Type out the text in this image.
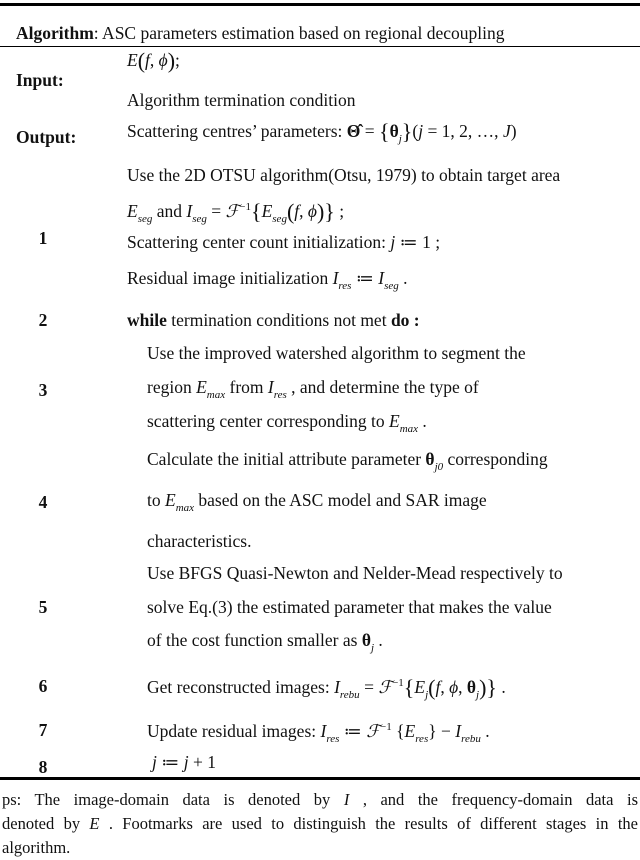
Algorithm: ASC parameters estimation based on regional decoupling
Input:
Output:
1
2
3
4
5
6
7
8
E(f, ϕ);
Algorithm termination condition
Scattering centres’ parameters: Θ̂ = $\{\theta_j\}(j = 1$, 2, …, J)
Use the 2D OTSU algorithm(Otsu, 1979) to obtain target area
$E_{seg}$ and $I_{seg}$ = $ℱ^{-1}\{E_{seg}(f$, ϕ)} ;
Scattering center count initialization: j ≔ 1 ;
Residual image initialization $I_{res}$ ≔ $I_{seg}$ .
while termination conditions not met do :
Use the improved watershed algorithm to segment the
region $E_{max}$ from $I_{res}$ , and determine the type of
scattering center corresponding to $E_{max}$ .
Calculate the initial attribute parameter $\theta_{j0}$ corresponding
to $E_{max}$ based on the ASC model and SAR image
characteristics.
Use BFGS Quasi-Newton and Nelder-Mead respectively to
solve Eq.(3) the estimated parameter that makes the value
of the cost function smaller as $\theta_j$ .
Get reconstructed images: $I_{rebu}$ = $ℱ^{-1}\{E_j(f$, ϕ, $\theta_j$)} .
Update residual images: $I_{res}$ ≔ ℱ$^{-1}$ $\{E_{res}\} - I_{rebu}$ .
j ≔ j + 1
ps: The image-domain data is denoted by I , and the frequency-domain data is
denoted by E . Footmarks are used to distinguish the results of different stages in the
algorithm.
